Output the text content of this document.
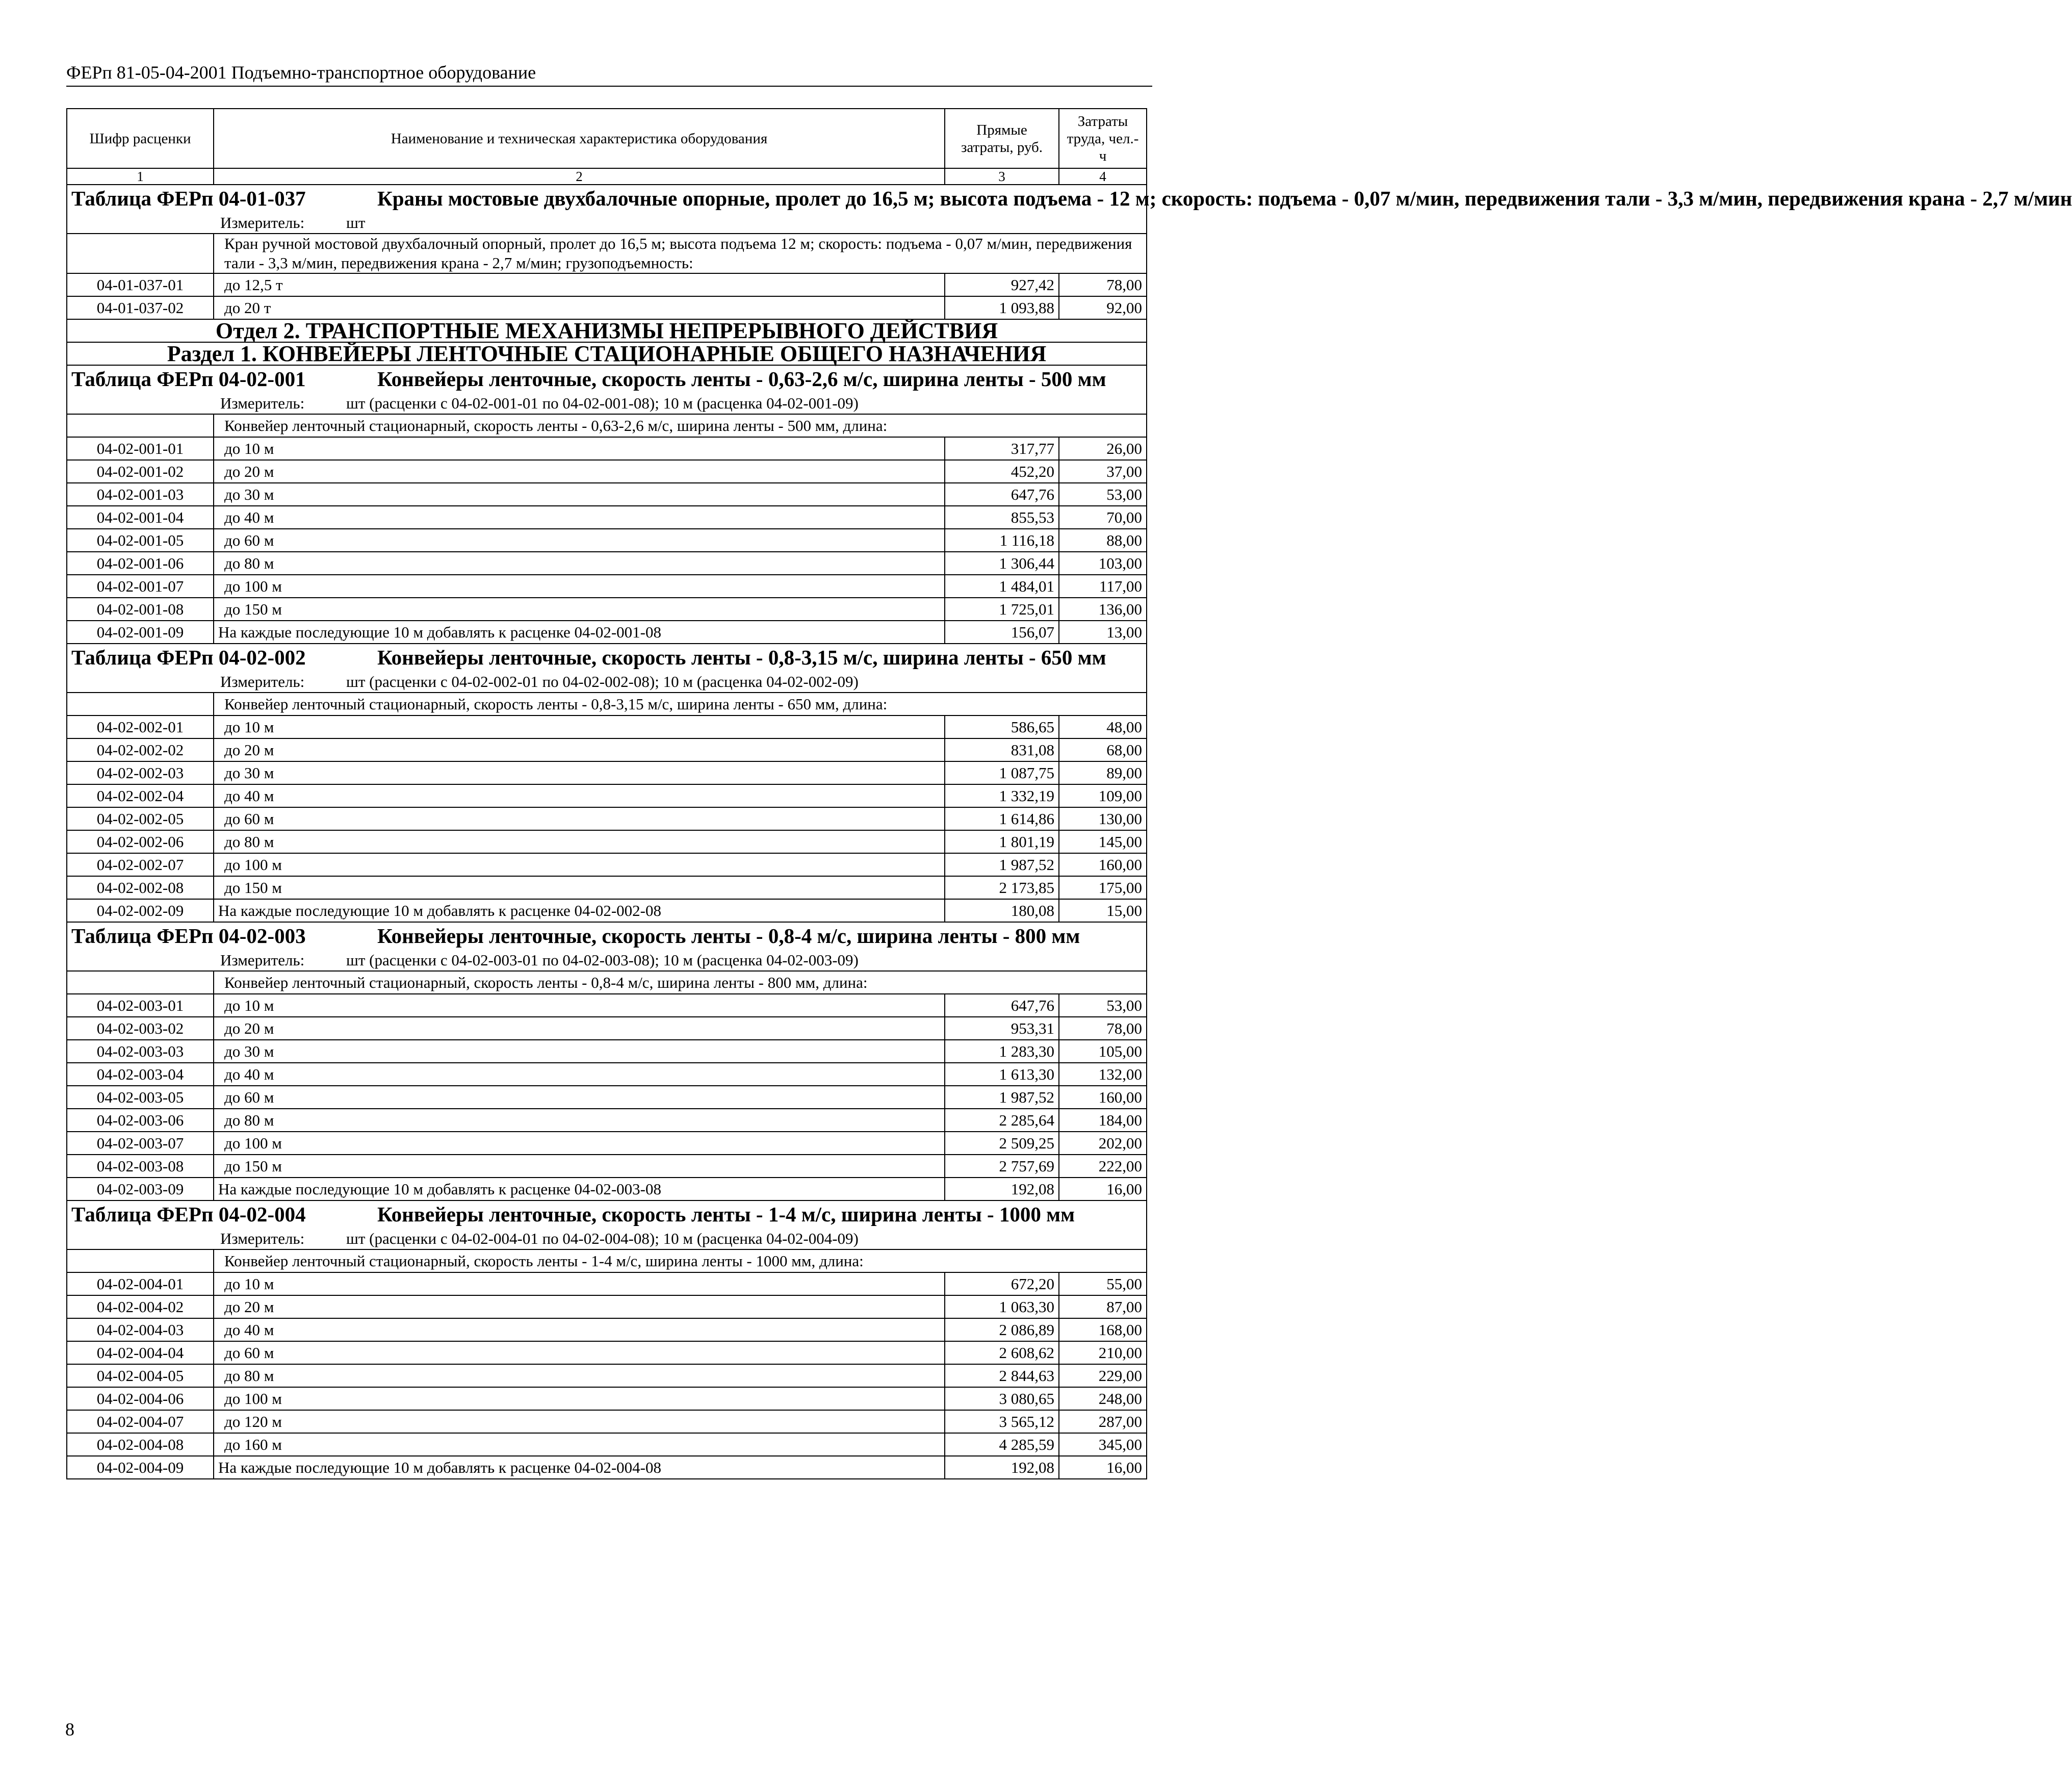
ФЕРп 81-05-04-2001 Подъемно-транспортное оборудование
Шифр расценки	Наименование и техническая характеристика оборудования	Прямые затраты, руб.	Затраты труда, чел.-ч
1	2	3	4

Таблица ФЕРп 04-01-037 Краны мостовые двухбалочные опорные, пролет до 16,5 м; высота подъема - 12 м; скорость: подъема - 0,07 м/мин, передвижения тали - 3,3 м/мин, передвижения крана - 2,7 м/мин
Измеритель: шт			

	Кран ручной мостовой двухбалочный опорный, пролет до 16,5 м; высота подъема 12 м; скорость: подъема - 0,07 м/мин, передвижения тали - 3,3 м/мин, передвижения крана - 2,7 м/мин; грузоподъемность:		
04-01-037-01	до 12,5 т	927,42	78,00
04-01-037-02	до 20 т	1 093,88	92,00
Отдел 2. ТРАНСПОРТНЫЕ МЕХАНИЗМЫ НЕПРЕРЫВНОГО ДЕЙСТВИЯ			
Раздел 1. КОНВЕЙЕРЫ ЛЕНТОЧНЫЕ СТАЦИОНАРНЫЕ ОБЩЕГО НАЗНАЧЕНИЯ			

Таблица ФЕРп 04-02-001 Конвейеры ленточные, скорость ленты - 0,63-2,6 м/с, ширина ленты - 500 мм
Измеритель: шт (расценки с 04-02-001-01 по 04-02-001-08); 10 м (расценка 04-02-001-09)			

	Конвейер ленточный стационарный, скорость ленты - 0,63-2,6 м/с, ширина ленты - 500 мм, длина:		
04-02-001-01	до 10 м	317,77	26,00
04-02-001-02	до 20 м	452,20	37,00
04-02-001-03	до 30 м	647,76	53,00
04-02-001-04	до 40 м	855,53	70,00
04-02-001-05	до 60 м	1 116,18	88,00
04-02-001-06	до 80 м	1 306,44	103,00
04-02-001-07	до 100 м	1 484,01	117,00
04-02-001-08	до 150 м	1 725,01	136,00
04-02-001-09	На каждые последующие 10 м добавлять к расценке 04-02-001-08	156,07	13,00

Таблица ФЕРп 04-02-002 Конвейеры ленточные, скорость ленты - 0,8-3,15 м/с, ширина ленты - 650 мм
Измеритель: шт (расценки с 04-02-002-01 по 04-02-002-08); 10 м (расценка 04-02-002-09)			

	Конвейер ленточный стационарный, скорость ленты - 0,8-3,15 м/с, ширина ленты - 650 мм, длина:		
04-02-002-01	до 10 м	586,65	48,00
04-02-002-02	до 20 м	831,08	68,00
04-02-002-03	до 30 м	1 087,75	89,00
04-02-002-04	до 40 м	1 332,19	109,00
04-02-002-05	до 60 м	1 614,86	130,00
04-02-002-06	до 80 м	1 801,19	145,00
04-02-002-07	до 100 м	1 987,52	160,00
04-02-002-08	до 150 м	2 173,85	175,00
04-02-002-09	На каждые последующие 10 м добавлять к расценке 04-02-002-08	180,08	15,00

Таблица ФЕРп 04-02-003 Конвейеры ленточные, скорость ленты - 0,8-4 м/с, ширина ленты - 800 мм
Измеритель: шт (расценки с 04-02-003-01 по 04-02-003-08); 10 м (расценка 04-02-003-09)			

	Конвейер ленточный стационарный, скорость ленты - 0,8-4 м/с, ширина ленты - 800 мм, длина:		
04-02-003-01	до 10 м	647,76	53,00
04-02-003-02	до 20 м	953,31	78,00
04-02-003-03	до 30 м	1 283,30	105,00
04-02-003-04	до 40 м	1 613,30	132,00
04-02-003-05	до 60 м	1 987,52	160,00
04-02-003-06	до 80 м	2 285,64	184,00
04-02-003-07	до 100 м	2 509,25	202,00
04-02-003-08	до 150 м	2 757,69	222,00
04-02-003-09	На каждые последующие 10 м добавлять к расценке 04-02-003-08	192,08	16,00

Таблица ФЕРп 04-02-004 Конвейеры ленточные, скорость ленты - 1-4 м/с, ширина ленты - 1000 мм
Измеритель: шт (расценки с 04-02-004-01 по 04-02-004-08); 10 м (расценка 04-02-004-09)			

	Конвейер ленточный стационарный, скорость ленты - 1-4 м/с, ширина ленты - 1000 мм, длина:		
04-02-004-01	до 10 м	672,20	55,00
04-02-004-02	до 20 м	1 063,30	87,00
04-02-004-03	до 40 м	2 086,89	168,00
04-02-004-04	до 60 м	2 608,62	210,00
04-02-004-05	до 80 м	2 844,63	229,00
04-02-004-06	до 100 м	3 080,65	248,00
04-02-004-07	до 120 м	3 565,12	287,00
04-02-004-08	до 160 м	4 285,59	345,00
04-02-004-09	На каждые последующие 10 м добавлять к расценке 04-02-004-08	192,08	16,00
8
